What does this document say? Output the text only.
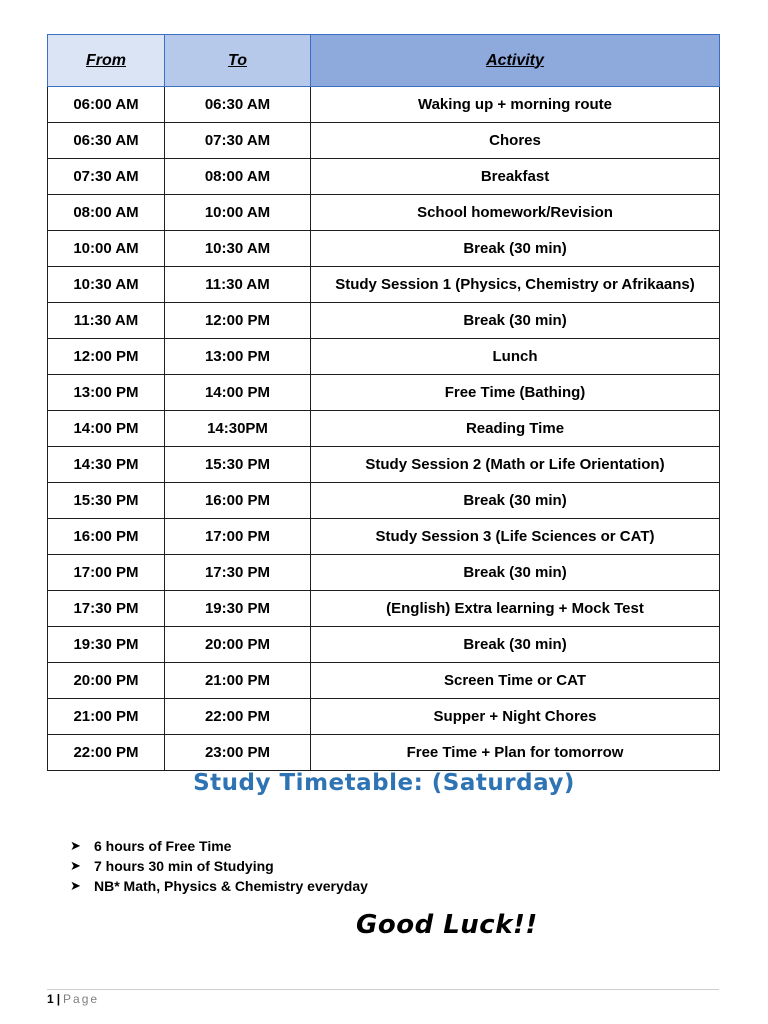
From	To	Activity
06:00 AM	06:30 AM	Waking up + morning route
06:30 AM	07:30 AM	Chores
07:30 AM	08:00 AM	Breakfast
08:00 AM	10:00 AM	School homework/Revision
10:00 AM	10:30 AM	Break (30 min)
10:30 AM	11:30 AM	Study Session 1 (Physics, Chemistry or Afrikaans)
11:30 AM	12:00 PM	Break (30 min)
12:00 PM	13:00 PM	Lunch
13:00 PM	14:00 PM	Free Time (Bathing)
14:00 PM	14:30PM	Reading Time
14:30 PM	15:30 PM	Study Session 2 (Math or Life Orientation)
15:30 PM	16:00 PM	Break (30 min)
16:00 PM	17:00 PM	Study Session 3 (Life Sciences or CAT)
17:00 PM	17:30 PM	Break (30 min)
17:30 PM	19:30 PM	(English) Extra learning + Mock Test
19:30 PM	20:00 PM	Break (30 min)
20:00 PM	21:00 PM	Screen Time or CAT
21:00 PM	22:00 PM	Supper + Night Chores
22:00 PM	23:00 PM	Free Time + Plan for tomorrow
Study Timetable: (Saturday)
➤ 6 hours of Free Time
➤ 7 hours 30 min of Studying
➤ NB* Math, Physics & Chemistry everyday
Good Luck!!
1 | Page
